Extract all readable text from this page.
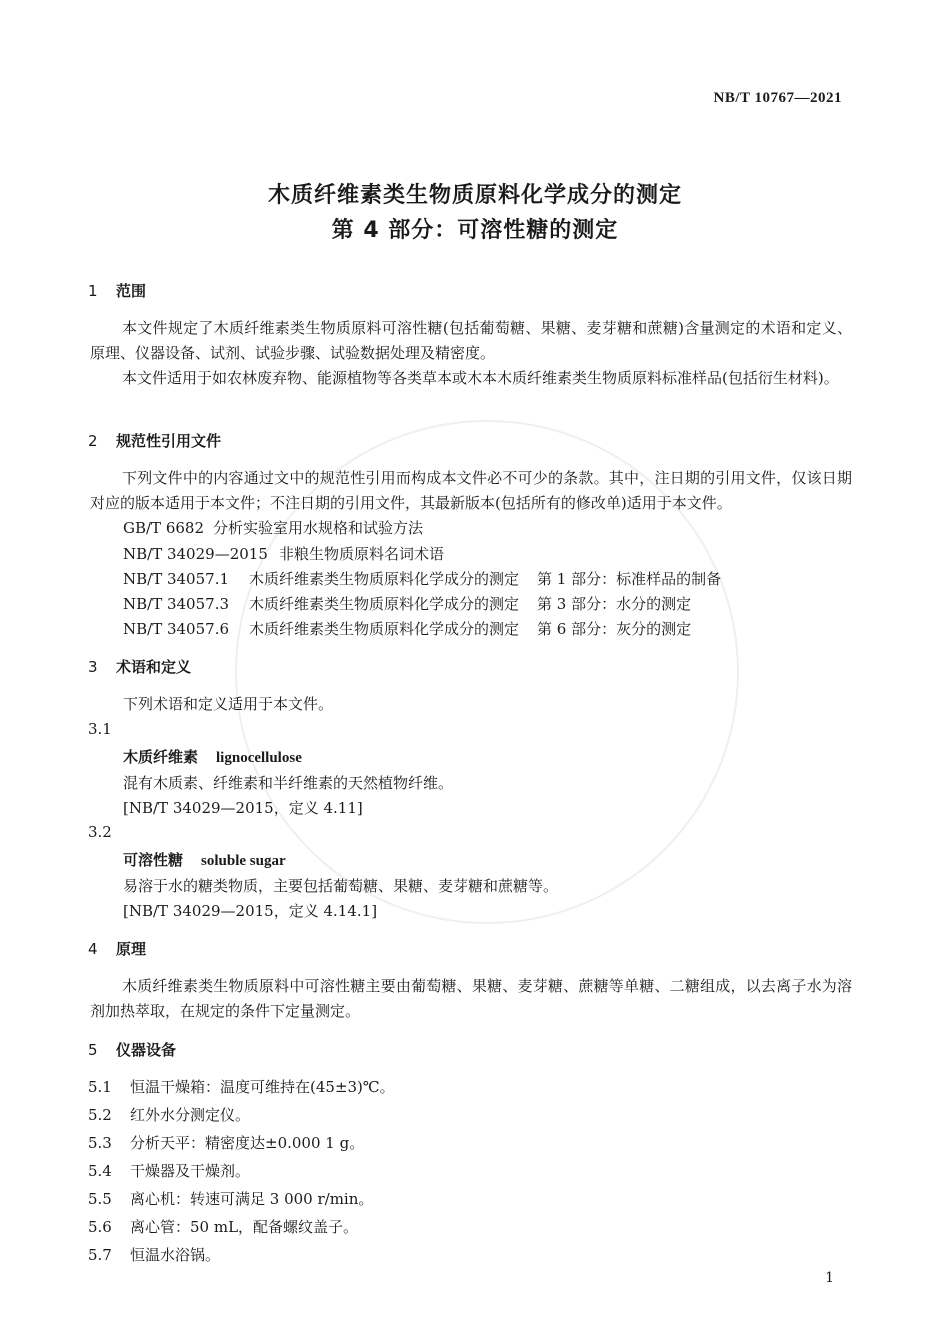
NB/T 10767—2021
木质纤维素类生物质原料化学成分的测定
第 4 部分：可溶性糖的测定
1 范围
本文件规定了木质纤维素类生物质原料可溶性糖(包括葡萄糖、果糖、麦芽糖和蔗糖)含量测定的术语和定义、原理、仪器设备、试剂、试验步骤、试验数据处理及精密度。
本文件适用于如农林废弃物、能源植物等各类草本或木本木质纤维素类生物质原料标准样品(包括衍生材料)。
2 规范性引用文件
下列文件中的内容通过文中的规范性引用而构成本文件必不可少的条款。其中，注日期的引用文件，仅该日期对应的版本适用于本文件；不注日期的引用文件，其最新版本(包括所有的修改单)适用于本文件。
GB/T 6682 分析实验室用水规格和试验方法
NB/T 34029—2015 非粮生物质原料名词术语
NB/T 34057.1 木质纤维素类生物质原料化学成分的测定 第 1 部分：标准样品的制备
NB/T 34057.3 木质纤维素类生物质原料化学成分的测定 第 3 部分：水分的测定
NB/T 34057.6 木质纤维素类生物质原料化学成分的测定 第 6 部分：灰分的测定
3 术语和定义
下列术语和定义适用于本文件。
3.1
木质纤维素 lignocellulose
混有木质素、纤维素和半纤维素的天然植物纤维。
[NB/T 34029—2015，定义 4.11]
3.2
可溶性糖 soluble sugar
易溶于水的糖类物质，主要包括葡萄糖、果糖、麦芽糖和蔗糖等。
[NB/T 34029—2015，定义 4.14.1]
4 原理
木质纤维素类生物质原料中可溶性糖主要由葡萄糖、果糖、麦芽糖、蔗糖等单糖、二糖组成，以去离子水为溶剂加热萃取，在规定的条件下定量测定。
5 仪器设备
5.1 恒温干燥箱：温度可维持在(45±3)℃。
5.2 红外水分测定仪。
5.3 分析天平：精密度达±0.000 1 g。
5.4 干燥器及干燥剂。
5.5 离心机：转速可满足 3 000 r/min。
5.6 离心管：50 mL，配备螺纹盖子。
5.7 恒温水浴锅。
1
